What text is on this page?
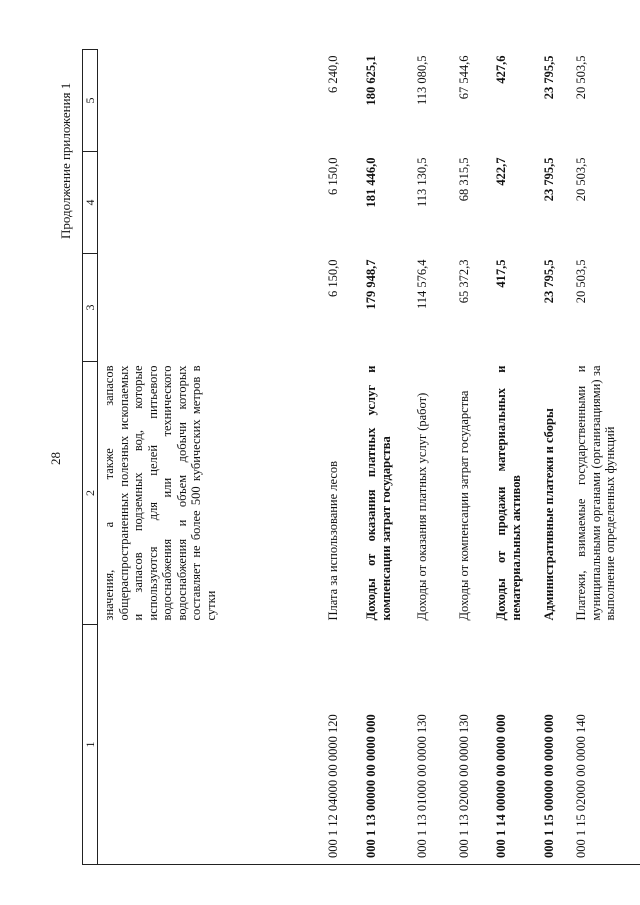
28
Продолжение приложения 1
1	2	3	4	5
	значения, а также запасов общераспространенных полезных ископаемых и запасов подземных вод, которые используются для целей питьевого водоснабжения или технического водоснабжения и объем добычи которых составляет не более 500 кубических метров в сутки			
000 1 12 04000 00 0000 120	Плата за использование лесов	6 150,0	6 150,0	6 240,0
000 1 13 00000 00 0000 000	Доходы от оказания платных услуг и компенсации затрат государства	179 948,7	181 446,0	180 625,1
000 1 13 01000 00 0000 130	Доходы от оказания платных услуг (работ)	114 576,4	113 130,5	113 080,5
000 1 13 02000 00 0000 130	Доходы от компенсации затрат государства	65 372,3	68 315,5	67 544,6
000 1 14 00000 00 0000 000	Доходы от продажи материальных и нематериальных активов	417,5	422,7	427,6
000 1 15 00000 00 0000 000	Административные платежи и сборы	23 795,5	23 795,5	23 795,5
000 1 15 02000 00 0000 140	Платежи, взимаемые государственными и муниципальными органами (организациями) за выполнение определенных функций	20 503,5	20 503,5	20 503,5
